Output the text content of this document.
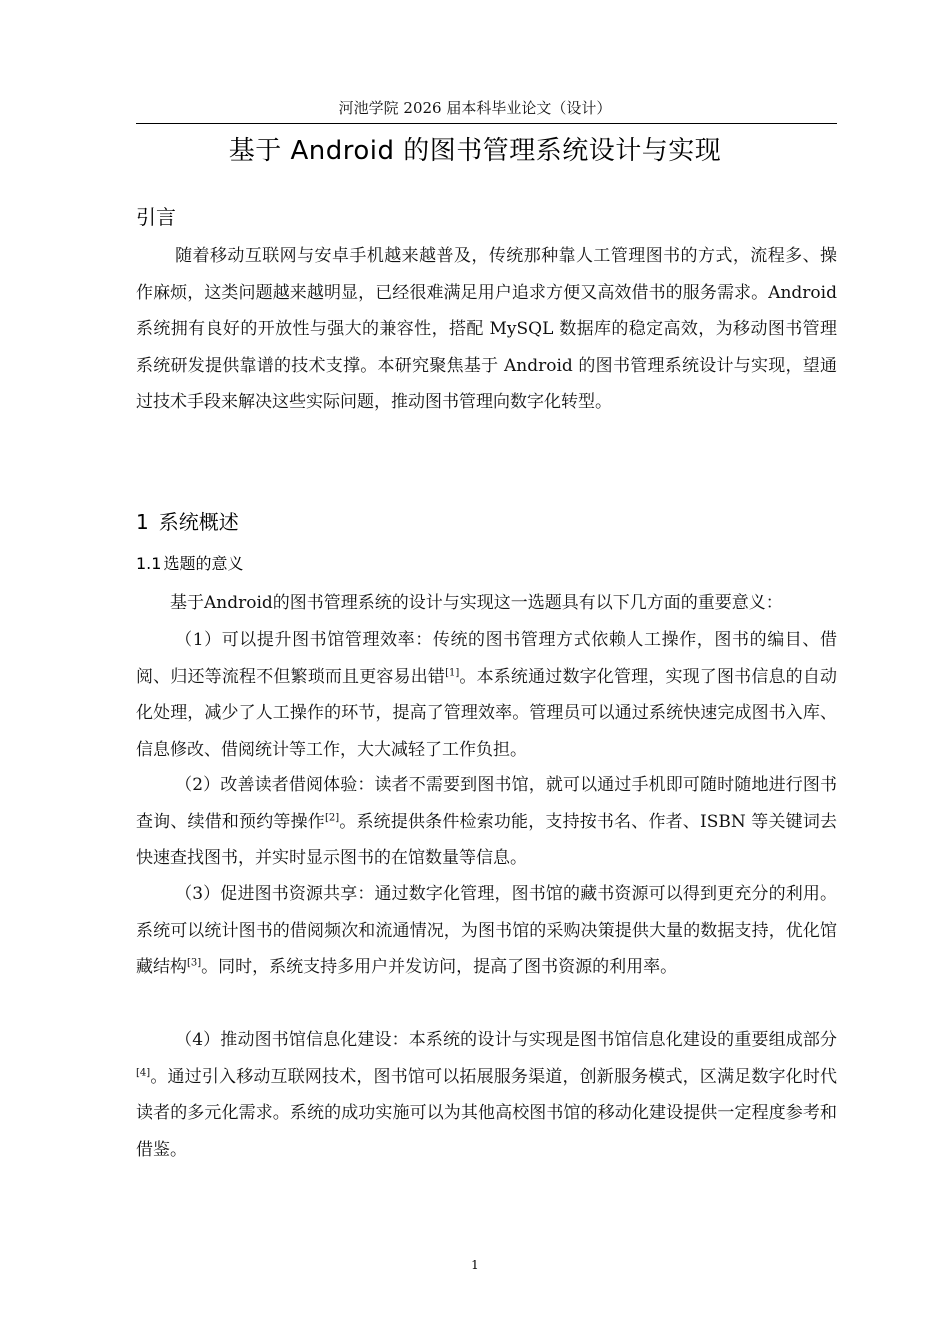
河池学院 2026 届本科毕业论文（设计）
基于 Android 的图书管理系统设计与实现
引言

随着移动互联网与安卓手机越来越普及，传统那种靠人工管理图书的方式，流程多、操作麻烦，这类问题越来越明显，已经很难满足用户追求方便又高效借书的服务需求。Android 系统拥有良好的开放性与强大的兼容性，搭配 MySQL 数据库的稳定高效，为移动图书管理系统研发提供靠谱的技术支撑。本研究聚焦基于 Android 的图书管理系统设计与实现，望通过技术手段来解决这些实际问题，推动图书管理向数字化转型。

1 系统概述
1.1 选题的意义

基于Android的图书管理系统的设计与实现这一选题具有以下几方面的重要意义：

（1）可以提升图书馆管理效率：传统的图书管理方式依赖人工操作，图书的编目、借阅、归还等流程不但繁琐而且更容易出错[1]。本系统通过数字化管理，实现了图书信息的自动化处理，减少了人工操作的环节，提高了管理效率。管理员可以通过系统快速完成图书入库、信息修改、借阅统计等工作，大大减轻了工作负担。

（2）改善读者借阅体验：读者不需要到图书馆，就可以通过手机即可随时随地进行图书查询、续借和预约等操作[2]。系统提供条件检索功能，支持按书名、作者、ISBN 等关键词去快速查找图书，并实时显示图书的在馆数量等信息。

（3）促进图书资源共享：通过数字化管理，图书馆的藏书资源可以得到更充分的利用。系统可以统计图书的借阅频次和流通情况，为图书馆的采购决策提供大量的数据支持，优化馆藏结构[3]。同时，系统支持多用户并发访问，提高了图书资源的利用率。

（4）推动图书馆信息化建设：本系统的设计与实现是图书馆信息化建设的重要组成部分[4]。通过引入移动互联网技术，图书馆可以拓展服务渠道，创新服务模式，区满足数字化时代读者的多元化需求。系统的成功实施可以为其他高校图书馆的移动化建设提供一定程度参考和借鉴。

1
